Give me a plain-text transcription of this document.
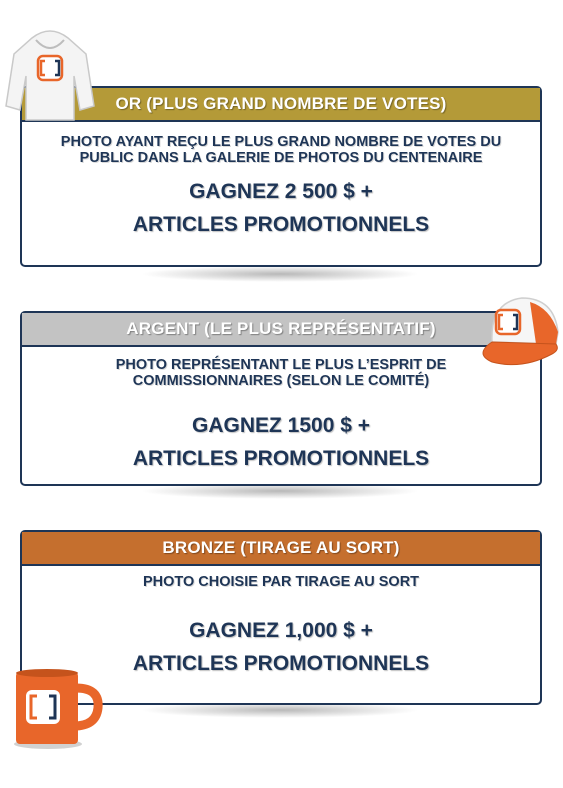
OR (PLUS GRAND NOMBRE DE VOTES)
PHOTO AYANT REÇU LE PLUS GRAND NOMBRE DE VOTES DU
PUBLIC DANS LA GALERIE DE PHOTOS DU CENTENAIRE
GAGNEZ 2 500 $ +
ARTICLES PROMOTIONNELS
ARGENT (LE PLUS REPRÉSENTATIF)
PHOTO REPRÉSENTANT LE PLUS L’ESPRIT DE
COMMISSIONNAIRES (SELON LE COMITÉ)
GAGNEZ 1500 $ +
ARTICLES PROMOTIONNELS
BRONZE (TIRAGE AU SORT)
PHOTO CHOISIE PAR TIRAGE AU SORT
GAGNEZ 1,000 $ +
ARTICLES PROMOTIONNELS
